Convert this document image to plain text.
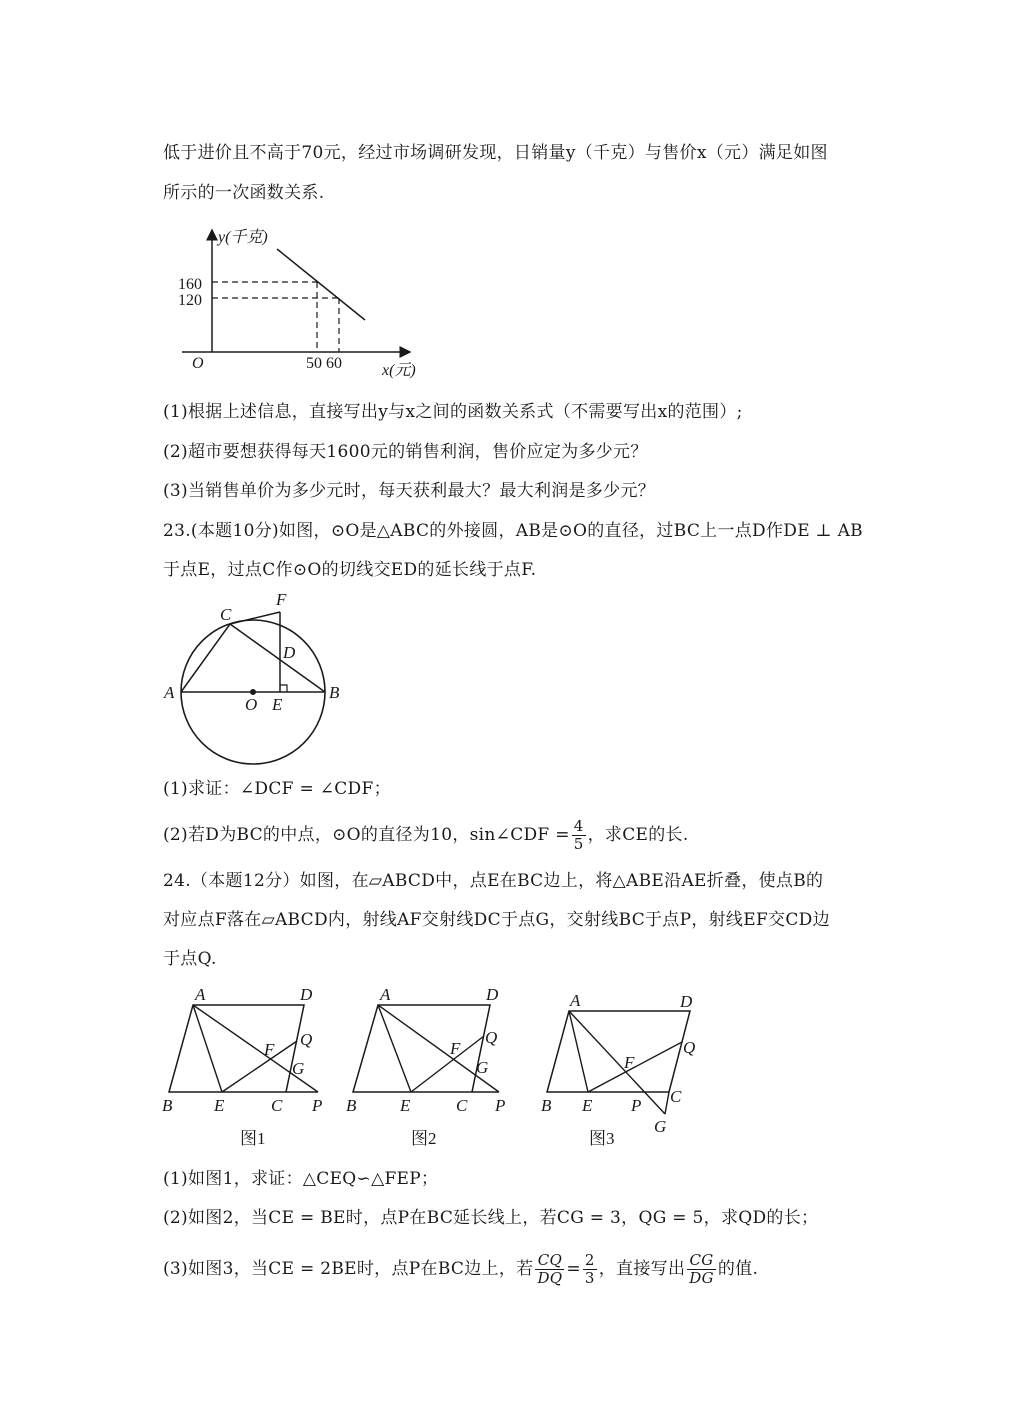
低于进价且不高于70元，经过市场调研发现，日销量y（千克）与售价x（元）满足如图
所示的一次函数关系.
y(千克)
160
120
O	50 60	x(元)
(1)根据上述信息，直接写出y与x之间的函数关系式（不需要写出x的范围）;
(2)超市要想获得每天1600元的销售利润，售价应定为多少元？
(3)当销售单价为多少元时，每天获利最大？最大利润是多少元？
23.(本题10分)如图，⊙O是△ABC的外接圆，AB是⊙O的直径，过BC上一点D作DE ⊥ AB
于点E，过点C作⊙O的切线交ED的延长线于点F.
C
F
D
A	B
O E
(1)求证：∠DCF = ∠CDF；
(2)若D为BC的中点，⊙O的直径为10，sin∠CDF = $\frac{4}{5}$ ，求CE的长.
24.（本题12分）如图，在▱ABCD中，点E在BC边上，将△ABE沿AE折叠，使点B的
对应点F落在▱ABCD内，射线AF交射线DC于点G，交射线BC于点P，射线EF交CD边
于点Q.
A	D
F
Q
G
B E	C P
图1
A	D
F
Q
G
B	E	C P
图2
A	D
F
Q
B E P C
G
图3
(1)如图1，求证：△CEQ∽△FEP；
(2)如图2，当CE = BE时，点P在BC延长线上，若CG = 3，QG = 5，求QD的长；
(3)如图3，当CE = 2BE时，点P在BC边上，若 $\frac{CQ}{DQ} = \frac{2}{3}$ ，直接写出 $\frac{CG}{DG}$ 的值.
